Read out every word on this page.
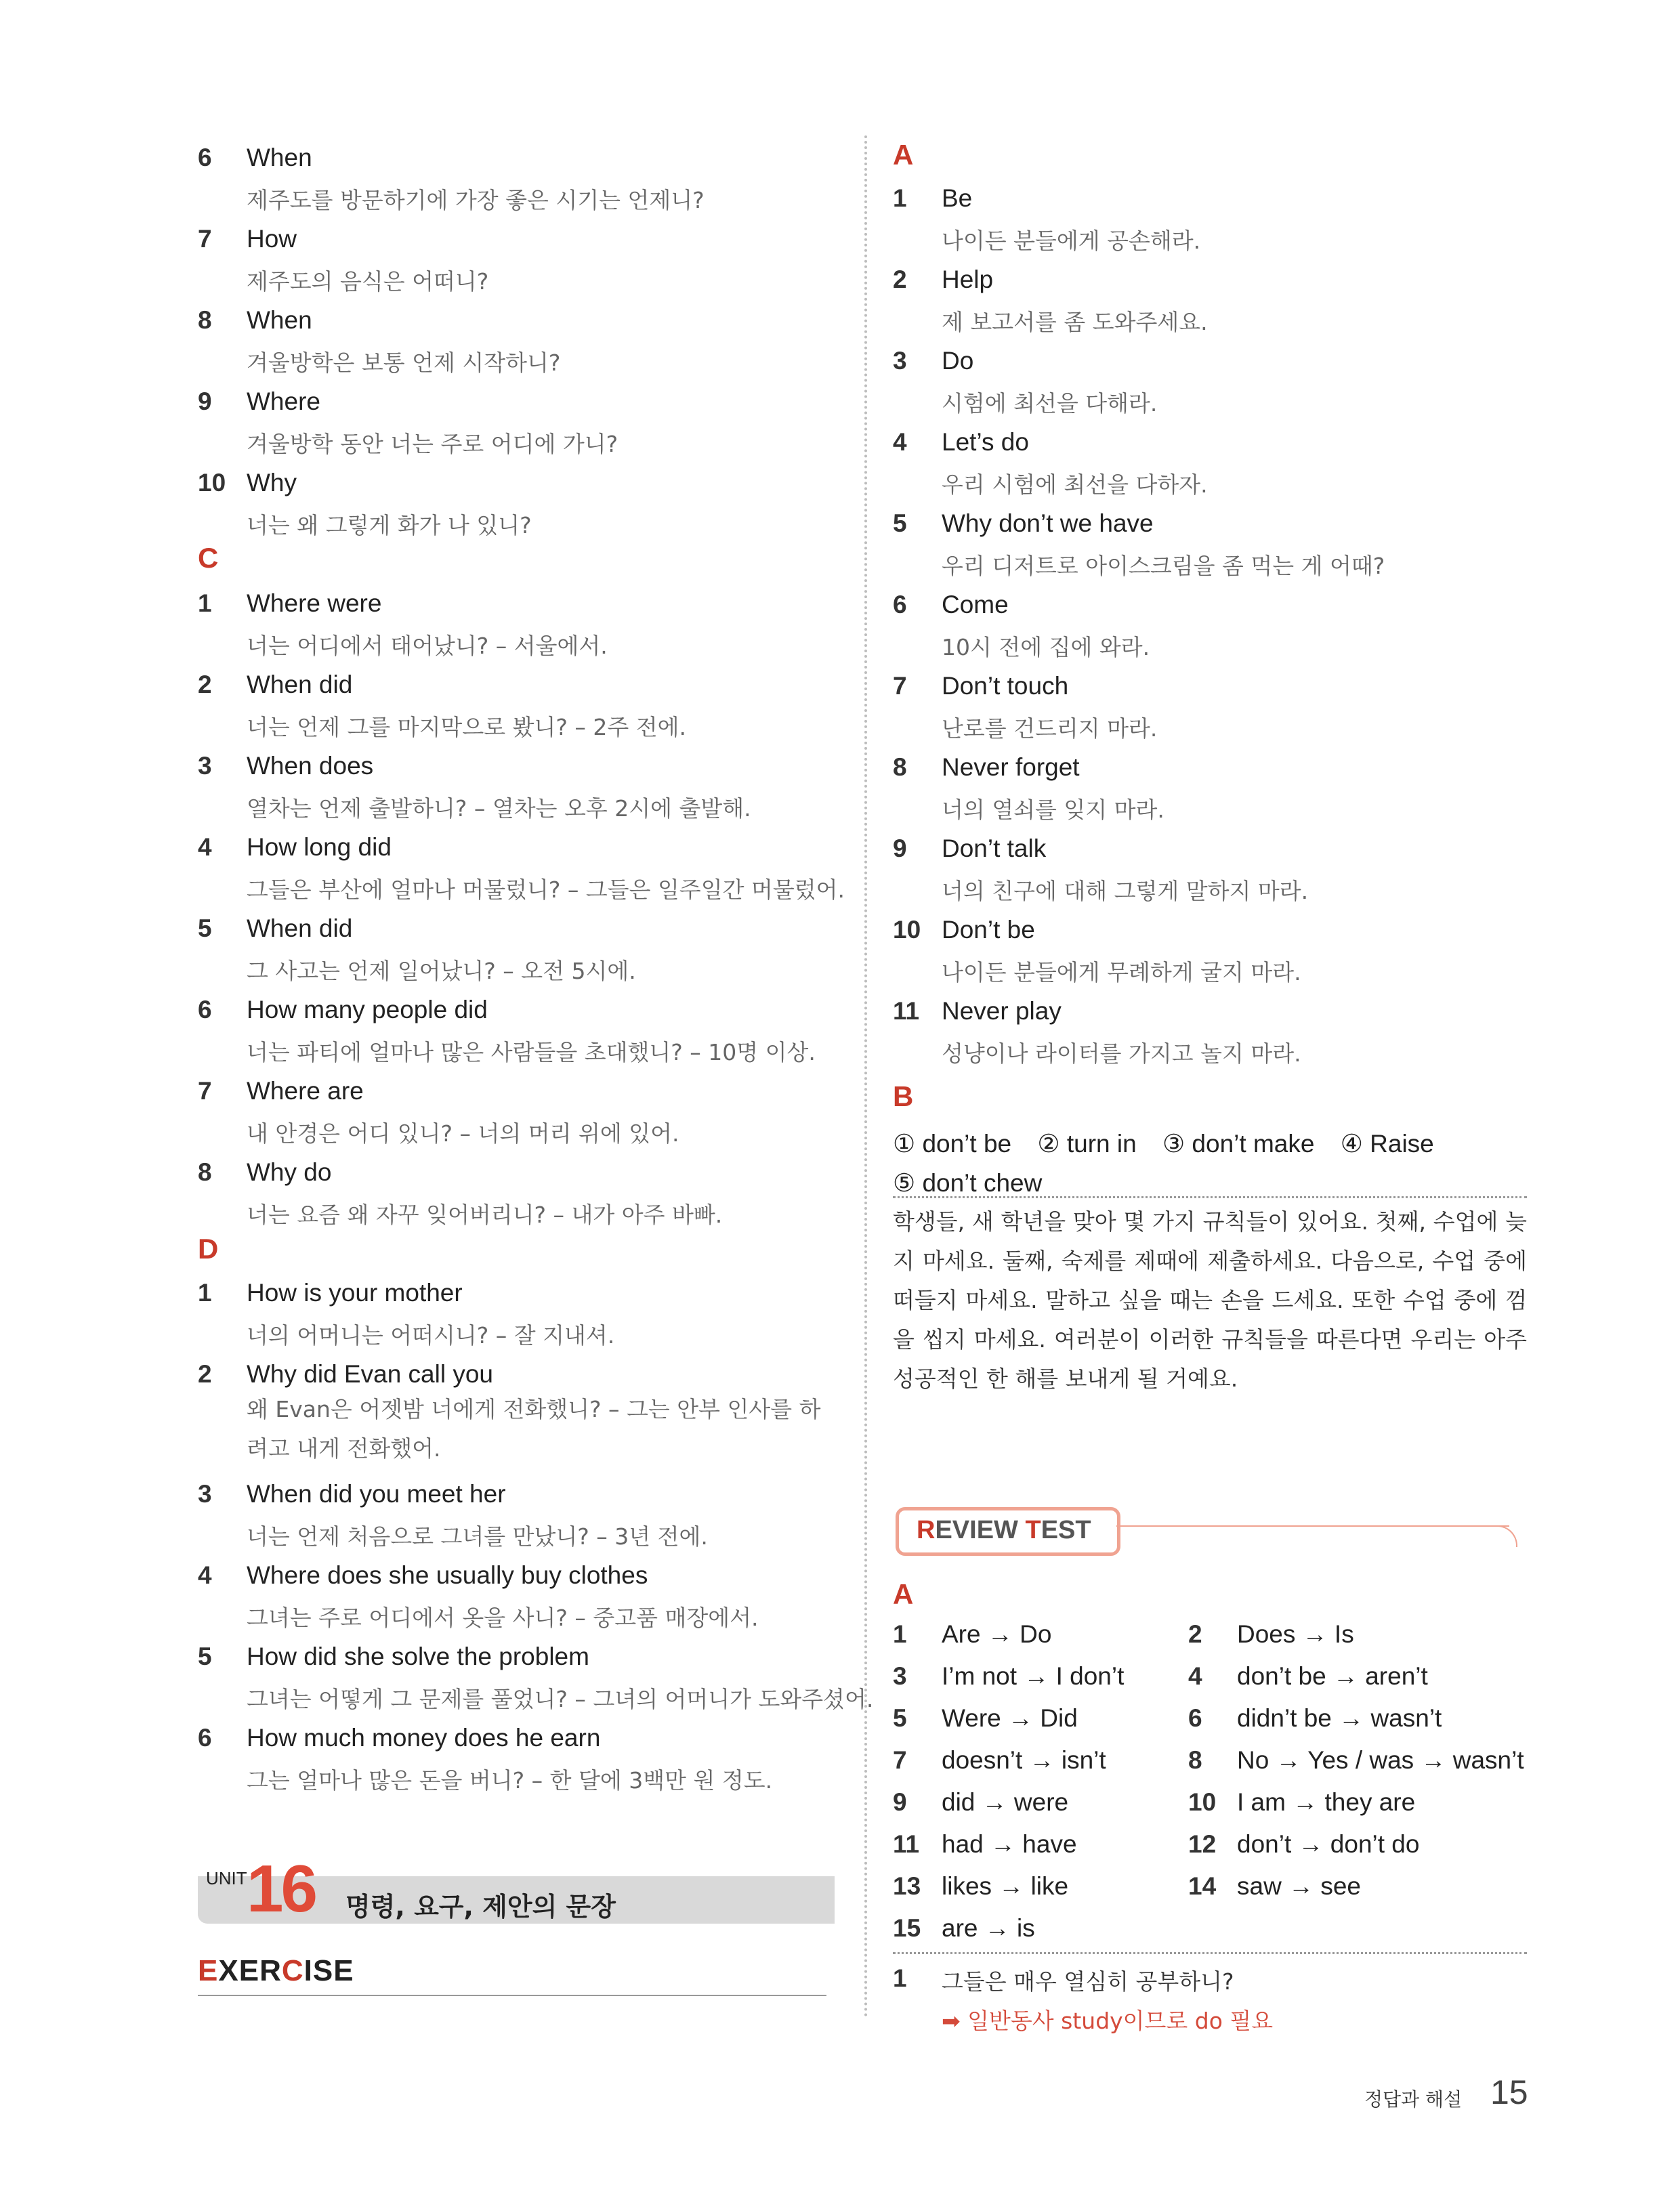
6 When
제주도를 방문하기에 가장 좋은 시기는 언제니?
7 How
제주도의 음식은 어떠니?
8 When
겨울방학은 보통 언제 시작하니?
9 Where
겨울방학 동안 너는 주로 어디에 가니?
10 Why
너는 왜 그렇게 화가 나 있니?
C
1 Where were
너는 어디에서 태어났니? – 서울에서.
2 When did
너는 언제 그를 마지막으로 봤니? – 2주 전에.
3 When does
열차는 언제 출발하니? – 열차는 오후 2시에 출발해.
4 How long did
그들은 부산에 얼마나 머물렀니? – 그들은 일주일간 머물렀어.
5 When did
그 사고는 언제 일어났니? – 오전 5시에.
6 How many people did
너는 파티에 얼마나 많은 사람들을 초대했니? – 10명 이상.
7 Where are
내 안경은 어디 있니? – 너의 머리 위에 있어.
8 Why do
너는 요즘 왜 자꾸 잊어버리니? – 내가 아주 바빠.
D
1 How is your mother
너의 어머니는 어떠시니? – 잘 지내셔.
2 Why did Evan call you
왜 Evan은 어젯밤 너에게 전화했니? – 그는 안부 인사를 하려고 내게 전화했어.
3 When did you meet her
너는 언제 처음으로 그녀를 만났니? – 3년 전에.
4 Where does she usually buy clothes
그녀는 주로 어디에서 옷을 사니? – 중고품 매장에서.
5 How did she solve the problem
그녀는 어떻게 그 문제를 풀었니? – 그녀의 어머니가 도와주셨어.
6 How much money does he earn
그는 얼마나 많은 돈을 버니? – 한 달에 3백만 원 정도.
UNIT 16 명령, 요구, 제안의 문장
EXERCISE
A
1 Be
나이든 분들에게 공손해라.
2 Help
제 보고서를 좀 도와주세요.
3 Do
시험에 최선을 다해라.
4 Let’s do
우리 시험에 최선을 다하자.
5 Why don’t we have
우리 디저트로 아이스크림을 좀 먹는 게 어때?
6 Come
10시 전에 집에 와라.
7 Don’t touch
난로를 건드리지 마라.
8 Never forget
너의 열쇠를 잊지 마라.
9 Don’t talk
너의 친구에 대해 그렇게 말하지 마라.
10 Don’t be
나이든 분들에게 무례하게 굴지 마라.
11 Never play
성냥이나 라이터를 가지고 놀지 마라.
B
① don’t be ② turn in ③ don’t make ④ Raise
⑤ don’t chew
학생들, 새 학년을 맞아 몇 가지 규칙들이 있어요. 첫째, 수업에 늦지 마세요. 둘째, 숙제를 제때에 제출하세요. 다음으로, 수업 중에 떠들지 마세요. 말하고 싶을 때는 손을 드세요. 또한 수업 중에 껌을 씹지 마세요. 여러분이 이러한 규칙들을 따른다면 우리는 아주 성공적인 한 해를 보내게 될 거예요.
REVIEW TEST
A
1 Are → Do	2 Does → Is
3 I’m not → I don’t	4 don’t be → aren’t
5 Were → Did	6 didn’t be → wasn’t
7 doesn’t → isn’t	8 No → Yes / was → wasn’t
9 did → were	10 I am → they are
11 had → have	12 don’t → don’t do
13 likes → like	14 saw → see
15 are → is
1 그들은 매우 열심히 공부하니?
➡ 일반동사 study이므로 do 필요
정답과 해설 15
